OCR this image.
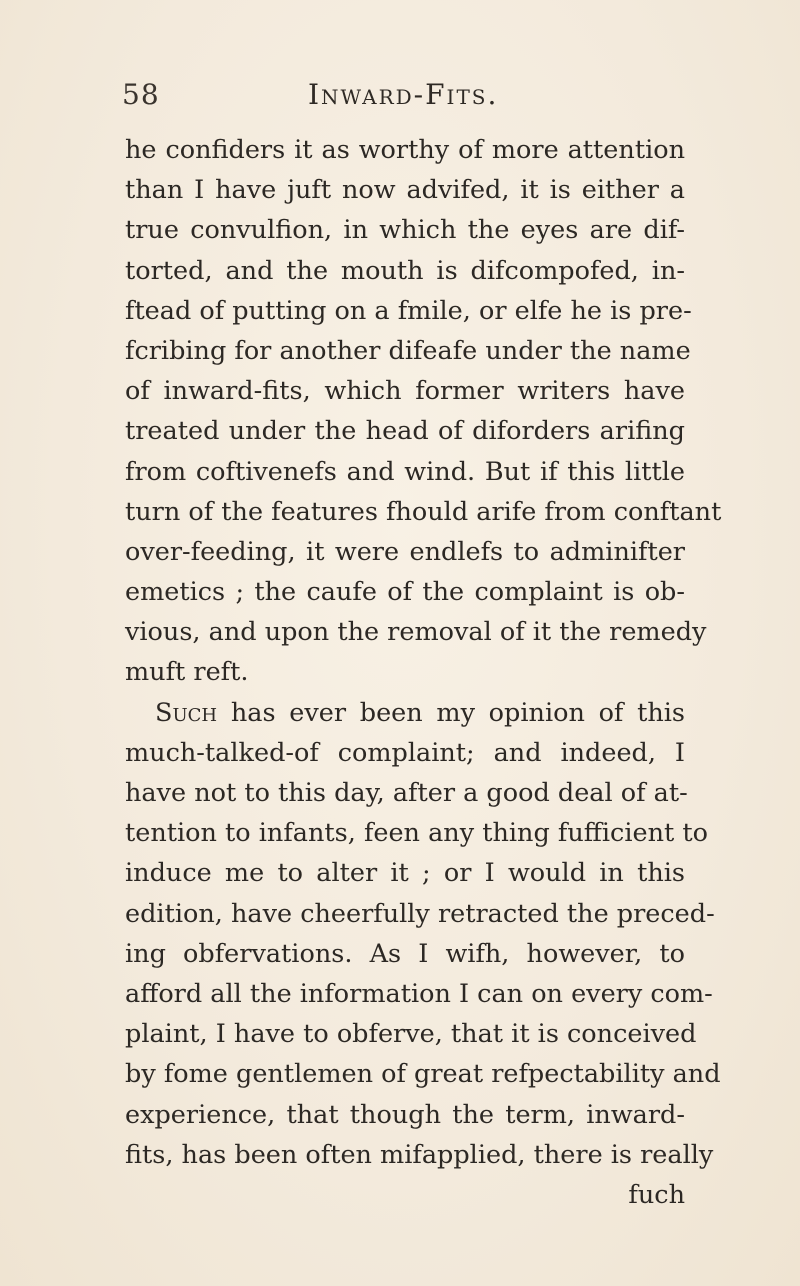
58	Inward-Fits.
he confiders it as worthy of more attention
than I have juft now advifed, it is either a
true convulfion, in which the eyes are dif-
torted, and the mouth is difcompofed, in-
ftead of putting on a fmile, or elfe he is pre-
fcribing for another difeafe under the name
of inward-fits, which former writers have
treated under the head of diforders arifing
from coftivenefs and wind. But if this little
turn of the features fhould arife from conftant
over-feeding, it were endlefs to adminifter
emetics ; the caufe of the complaint is ob-
vious, and upon the removal of it the remedy
muft reft.
Such has ever been my opinion of this
much-talked-of complaint; and indeed, I
have not to this day, after a good deal of at-
tention to infants, feen any thing fufficient to
induce me to alter it ; or I would in this
edition, have cheerfully retracted the preced-
ing obfervations. As I wifh, however, to
afford all the information I can on every com-
plaint, I have to obferve, that it is conceived
by fome gentlemen of great refpectability and
experience, that though the term, inward-
fits, has been often mifapplied, there is really
fuch
